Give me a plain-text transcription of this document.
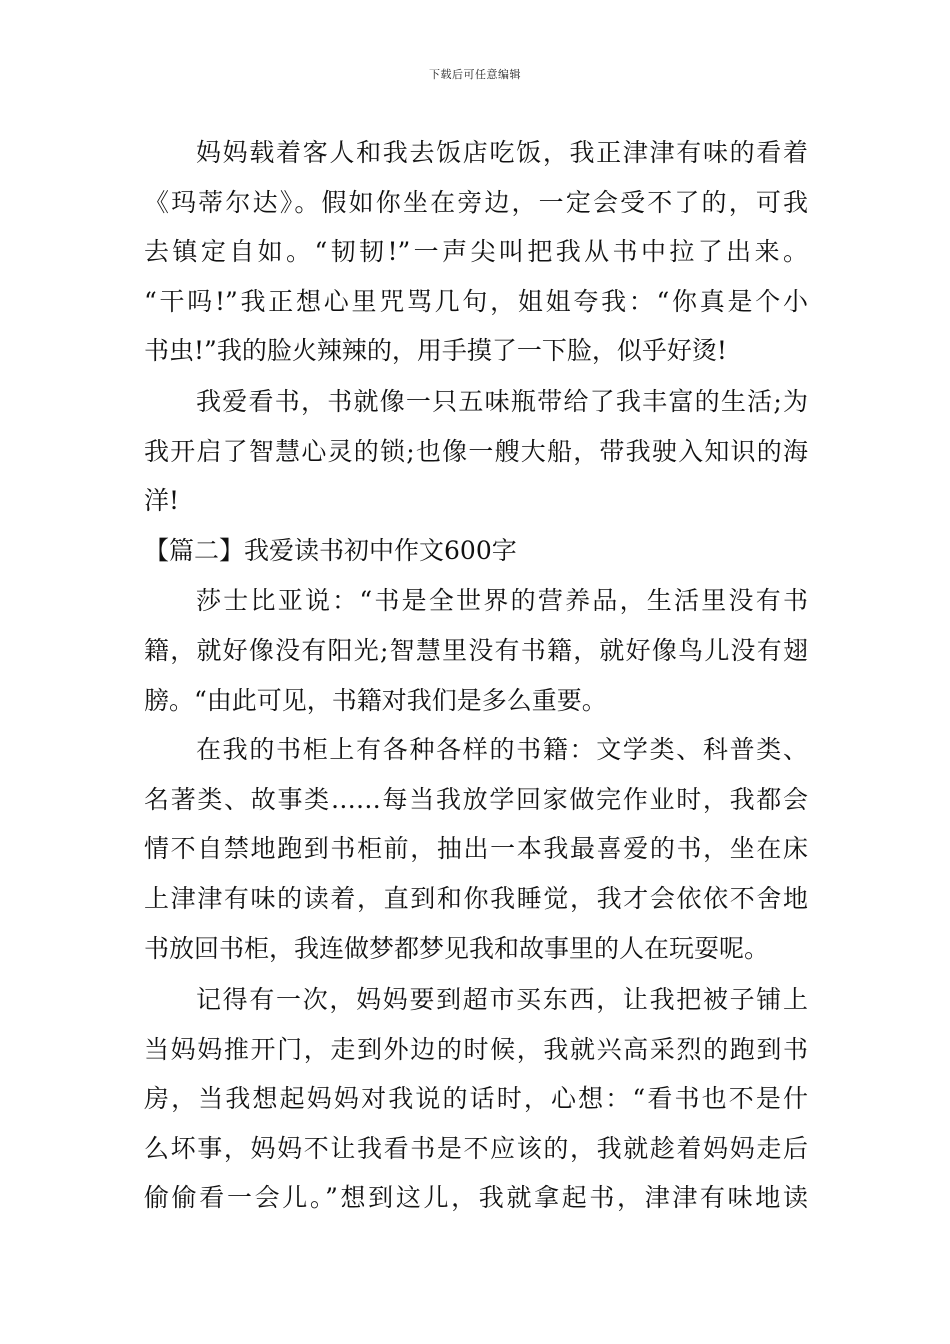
下载后可任意编辑
妈妈载着客人和我去饭店吃饭，我正津津有味的看着
《玛蒂尔达》。假如你坐在旁边，一定会受不了的，可我
去镇定自如。“韧韧!”一声尖叫把我从书中拉了出来。
“干吗!”我正想心里咒骂几句，姐姐夸我：“你真是个小
书虫!”我的脸火辣辣的，用手摸了一下脸，似乎好烫!
我爱看书，书就像一只五味瓶带给了我丰富的生活;为
我开启了智慧心灵的锁;也像一艘大船，带我驶入知识的海
洋!
【篇二】我爱读书初中作文600字
莎士比亚说：“书是全世界的营养品，生活里没有书
籍，就好像没有阳光;智慧里没有书籍，就好像鸟儿没有翅
膀。“由此可见，书籍对我们是多么重要。
在我的书柜上有各种各样的书籍：文学类、科普类、
名著类、故事类……每当我放学回家做完作业时，我都会
情不自禁地跑到书柜前，抽出一本我最喜爱的书，坐在床
上津津有味的读着，直到和你我睡觉，我才会依依不舍地
书放回书柜，我连做梦都梦见我和故事里的人在玩耍呢。
记得有一次，妈妈要到超市买东西，让我把被子铺上
当妈妈推开门，走到外边的时候，我就兴高采烈的跑到书
房，当我想起妈妈对我说的话时，心想：“看书也不是什
么坏事，妈妈不让我看书是不应该的，我就趁着妈妈走后
偷偷看一会儿。”想到这儿，我就拿起书，津津有味地读
